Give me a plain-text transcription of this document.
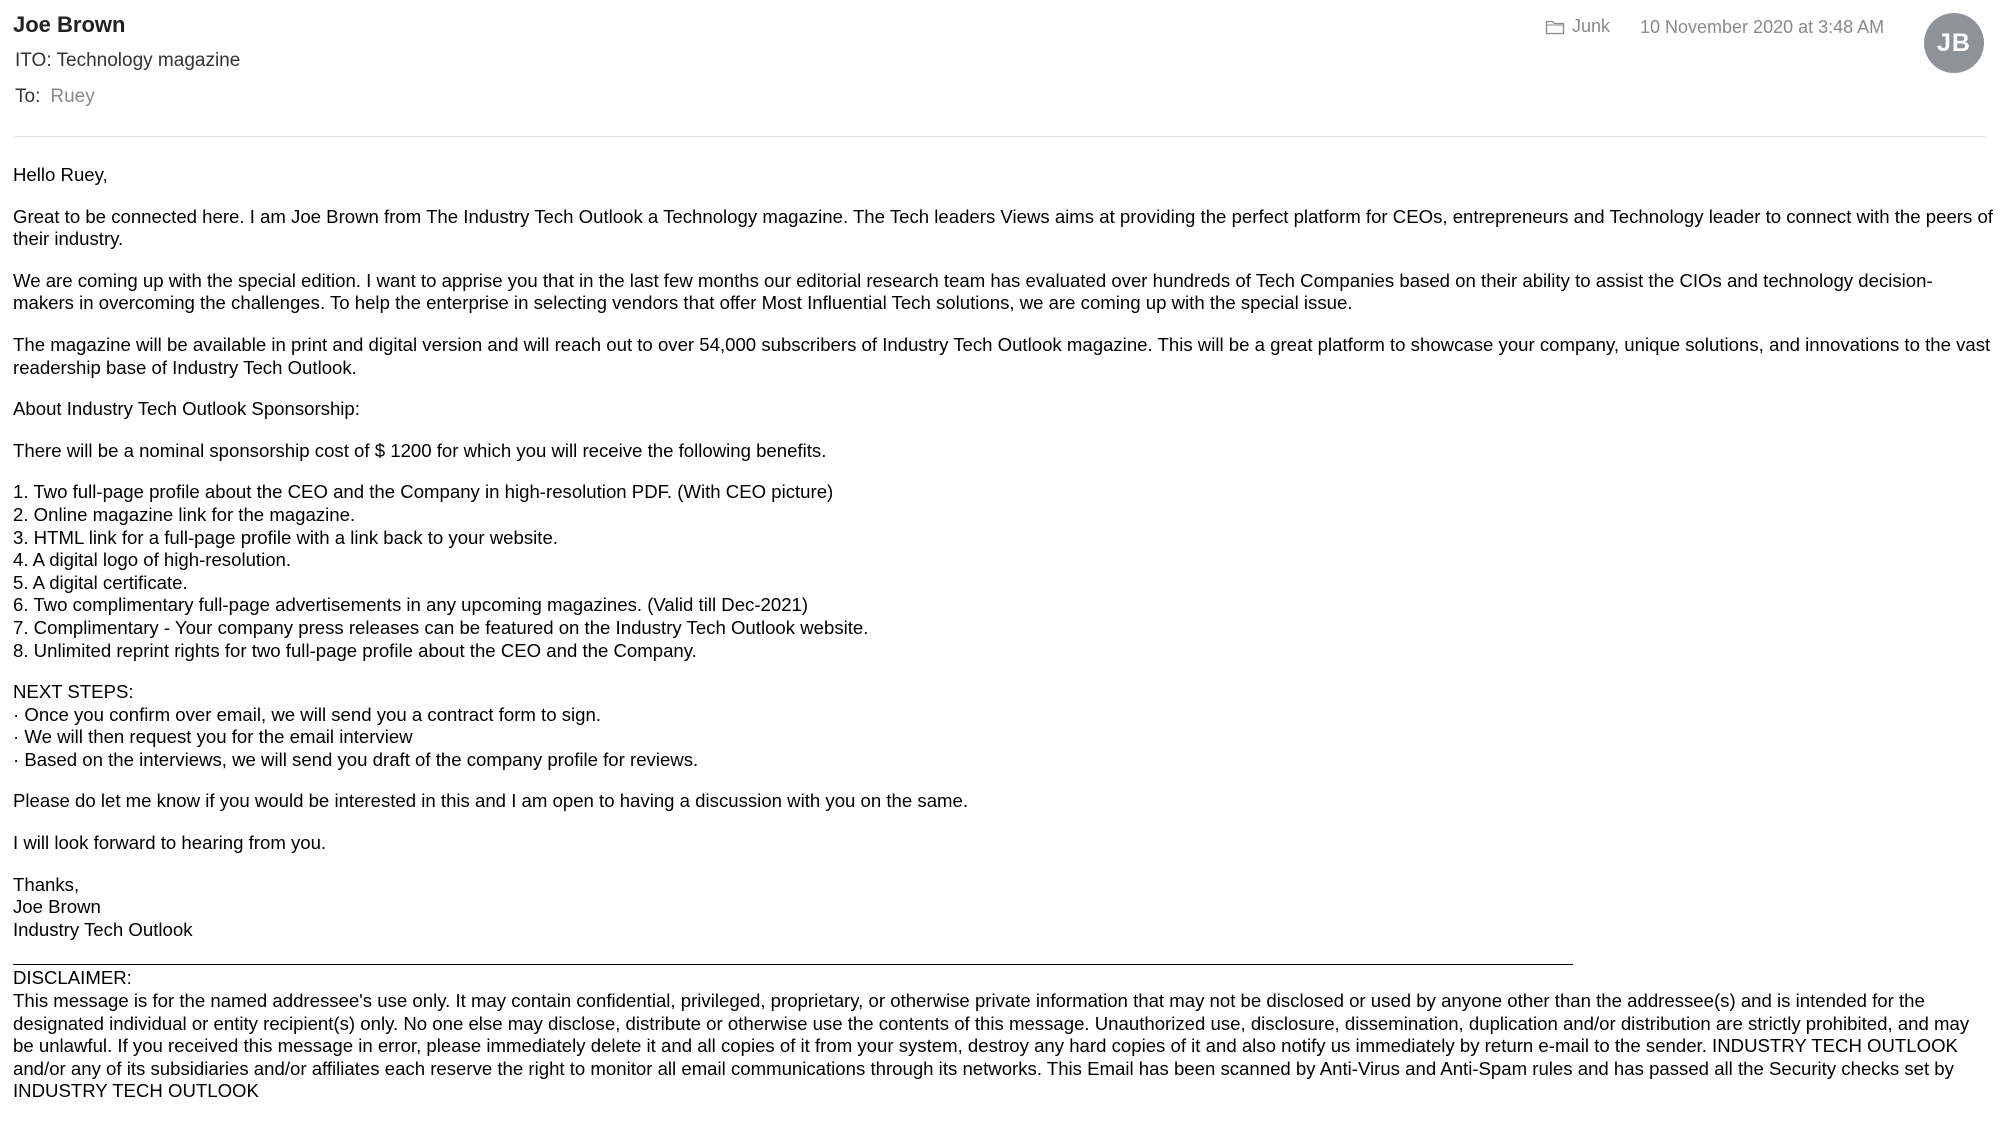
Joe Brown
ITO: Technology magazine
To: Ruey
Junk 10 November 2020 at 3:48 AM
JB

Hello Ruey,

Great to be connected here. I am Joe Brown from The Industry Tech Outlook a Technology magazine. The Tech leaders Views aims at providing the perfect platform for CEOs, entrepreneurs and Technology leader to connect with the peers of their industry.

We are coming up with the special edition. I want to apprise you that in the last few months our editorial research team has evaluated over hundreds of Tech Companies based on their ability to assist the CIOs and technology decision-makers in overcoming the challenges. To help the enterprise in selecting vendors that offer Most Influential Tech solutions, we are coming up with the special issue.

The magazine will be available in print and digital version and will reach out to over 54,000 subscribers of Industry Tech Outlook magazine. This will be a great platform to showcase your company, unique solutions, and innovations to the vast readership base of Industry Tech Outlook.

About Industry Tech Outlook Sponsorship:

There will be a nominal sponsorship cost of $ 1200 for which you will receive the following benefits.

1. Two full-page profile about the CEO and the Company in high-resolution PDF. (With CEO picture)
2. Online magazine link for the magazine.
3. HTML link for a full-page profile with a link back to your website.
4. A digital logo of high-resolution.
5. A digital certificate.
6. Two complimentary full-page advertisements in any upcoming magazines. (Valid till Dec-2021)
7. Complimentary - Your company press releases can be featured on the Industry Tech Outlook website.
8. Unlimited reprint rights for two full-page profile about the CEO and the Company.

NEXT STEPS:
· Once you confirm over email, we will send you a contract form to sign.
· We will then request you for the email interview
· Based on the interviews, we will send you draft of the company profile for reviews.

Please do let me know if you would be interested in this and I am open to having a discussion with you on the same.

I will look forward to hearing from you.

Thanks,
Joe Brown
Industry Tech Outlook

DISCLAIMER:

This message is for the named addressee's use only. It may contain confidential, privileged, proprietary, or otherwise private information that may not be disclosed or used by anyone other than the addressee(s) and is intended for the designated individual or entity recipient(s) only. No one else may disclose, distribute or otherwise use the contents of this message. Unauthorized use, disclosure, dissemination, duplication and/or distribution are strictly prohibited, and may be unlawful. If you received this message in error, please immediately delete it and all copies of it from your system, destroy any hard copies of it and also notify us immediately by return e-mail to the sender. INDUSTRY TECH OUTLOOK and/or any of its subsidiaries and/or affiliates each reserve the right to monitor all email communications through its networks. This Email has been scanned by Anti-Virus and Anti-Spam rules and has passed all the Security checks set by INDUSTRY TECH OUTLOOK
